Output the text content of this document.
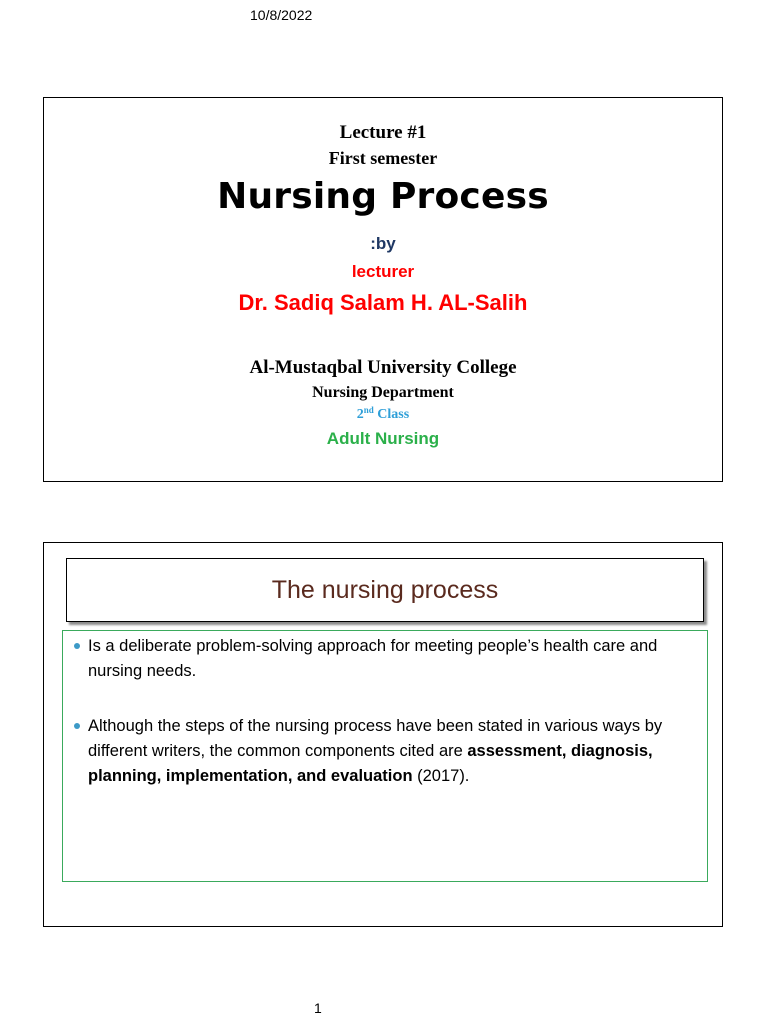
10/8/2022
Lecture #1
First semester
Nursing Process
:by
lecturer
Dr. Sadiq Salam H. AL-Salih
Al-Mustaqbal University College
Nursing Department
2nd Class
Adult Nursing
The nursing process
Is a deliberate problem-solving approach for meeting people’s health care and nursing needs.
Although the steps of the nursing process have been stated in various ways by different writers, the common components cited are assessment, diagnosis, planning, implementation, and evaluation (2017).
1
